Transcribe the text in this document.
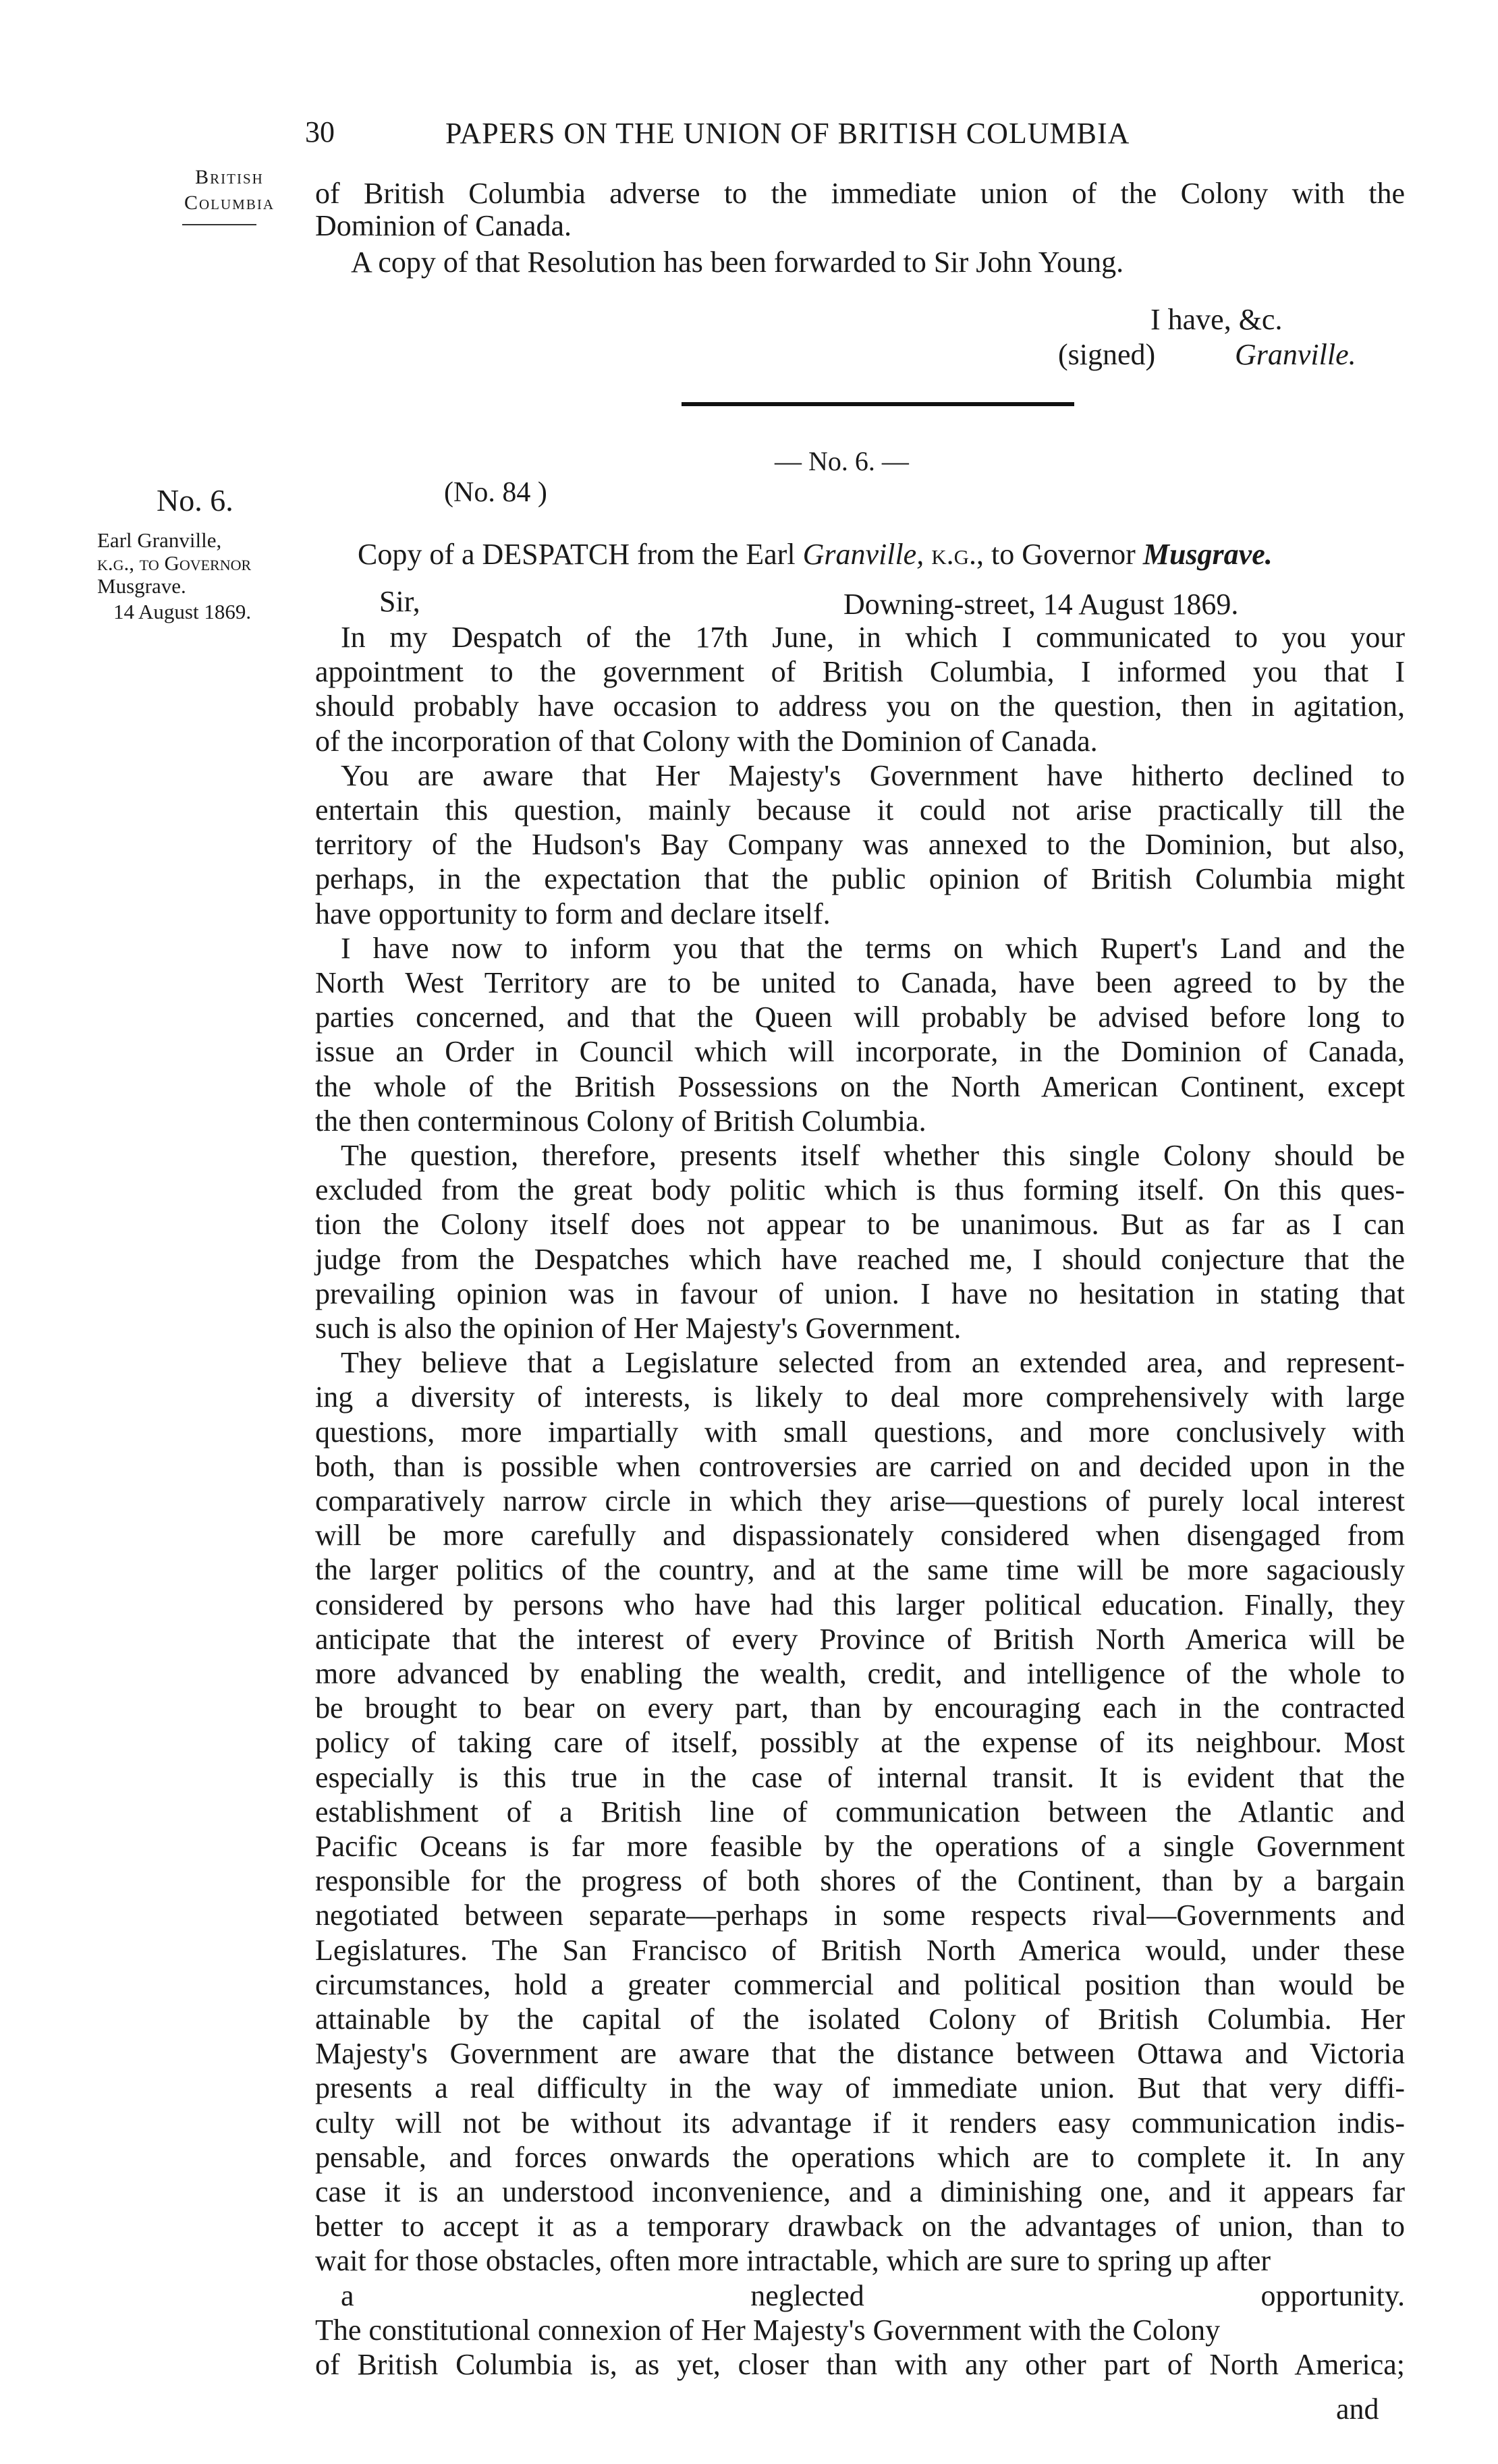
30	PAPERS ON THE UNION OF BRITISH COLUMBIA
British
Columbia	of British Columbia adverse to the immediate union of the Colony with the
Dominion of Canada.
A copy of that Resolution has been forwarded to Sir John Young.
I have, &c.
(signed)	Granville.
— No. 6. —
(No. 84 )
No. 6.
Earl Granville,
k.g., to Governor
Musgrave.
14 August 1869.
Copy of a DESPATCH from the Earl Granville, k.g., to Governor Musgrave.
Sir,	Downing-street, 14 August 1869.
In my Despatch of the 17th June, in which I communicated to you your
appointment to the government of British Columbia, I informed you that I
should probably have occasion to address you on the question, then in agitation,
of the incorporation of that Colony with the Dominion of Canada.
You are aware that Her Majesty's Government have hitherto declined to
entertain this question, mainly because it could not arise practically till the
territory of the Hudson's Bay Company was annexed to the Dominion, but also,
perhaps, in the expectation that the public opinion of British Columbia might
have opportunity to form and declare itself.
I have now to inform you that the terms on which Rupert's Land and the
North West Territory are to be united to Canada, have been agreed to by the
parties concerned, and that the Queen will probably be advised before long to
issue an Order in Council which will incorporate, in the Dominion of Canada,
the whole of the British Possessions on the North American Continent, except
the then conterminous Colony of British Columbia.
The question, therefore, presents itself whether this single Colony should be
excluded from the great body politic which is thus forming itself. On this ques-
tion the Colony itself does not appear to be unanimous. But as far as I can
judge from the Despatches which have reached me, I should conjecture that the
prevailing opinion was in favour of union. I have no hesitation in stating that
such is also the opinion of Her Majesty's Government.
They believe that a Legislature selected from an extended area, and represent-
ing a diversity of interests, is likely to deal more comprehensively with large
questions, more impartially with small questions, and more conclusively with
both, than is possible when controversies are carried on and decided upon in the
comparatively narrow circle in which they arise—questions of purely local interest
will be more carefully and dispassionately considered when disengaged from
the larger politics of the country, and at the same time will be more sagaciously
considered by persons who have had this larger political education. Finally, they
anticipate that the interest of every Province of British North America will be
more advanced by enabling the wealth, credit, and intelligence of the whole to
be brought to bear on every part, than by encouraging each in the contracted
policy of taking care of itself, possibly at the expense of its neighbour. Most
especially is this true in the case of internal transit. It is evident that the
establishment of a British line of communication between the Atlantic and
Pacific Oceans is far more feasible by the operations of a single Government
responsible for the progress of both shores of the Continent, than by a bargain
negotiated between separate—perhaps in some respects rival—Governments and
Legislatures. The San Francisco of British North America would, under these
circumstances, hold a greater commercial and political position than would be
attainable by the capital of the isolated Colony of British Columbia. Her
Majesty's Government are aware that the distance between Ottawa and Victoria
presents a real difficulty in the way of immediate union. But that very diffi-
culty will not be without its advantage if it renders easy communication indis-
pensable, and forces onwards the operations which are to complete it. In any
case it is an understood inconvenience, and a diminishing one, and it appears far
better to accept it as a temporary drawback on the advantages of union, than to
wait for those obstacles, often more intractable, which are sure to spring up after
a neglected opportunity.
The constitutional connexion of Her Majesty's Government with the Colony
of British Columbia is, as yet, closer than with any other part of North America;
and
